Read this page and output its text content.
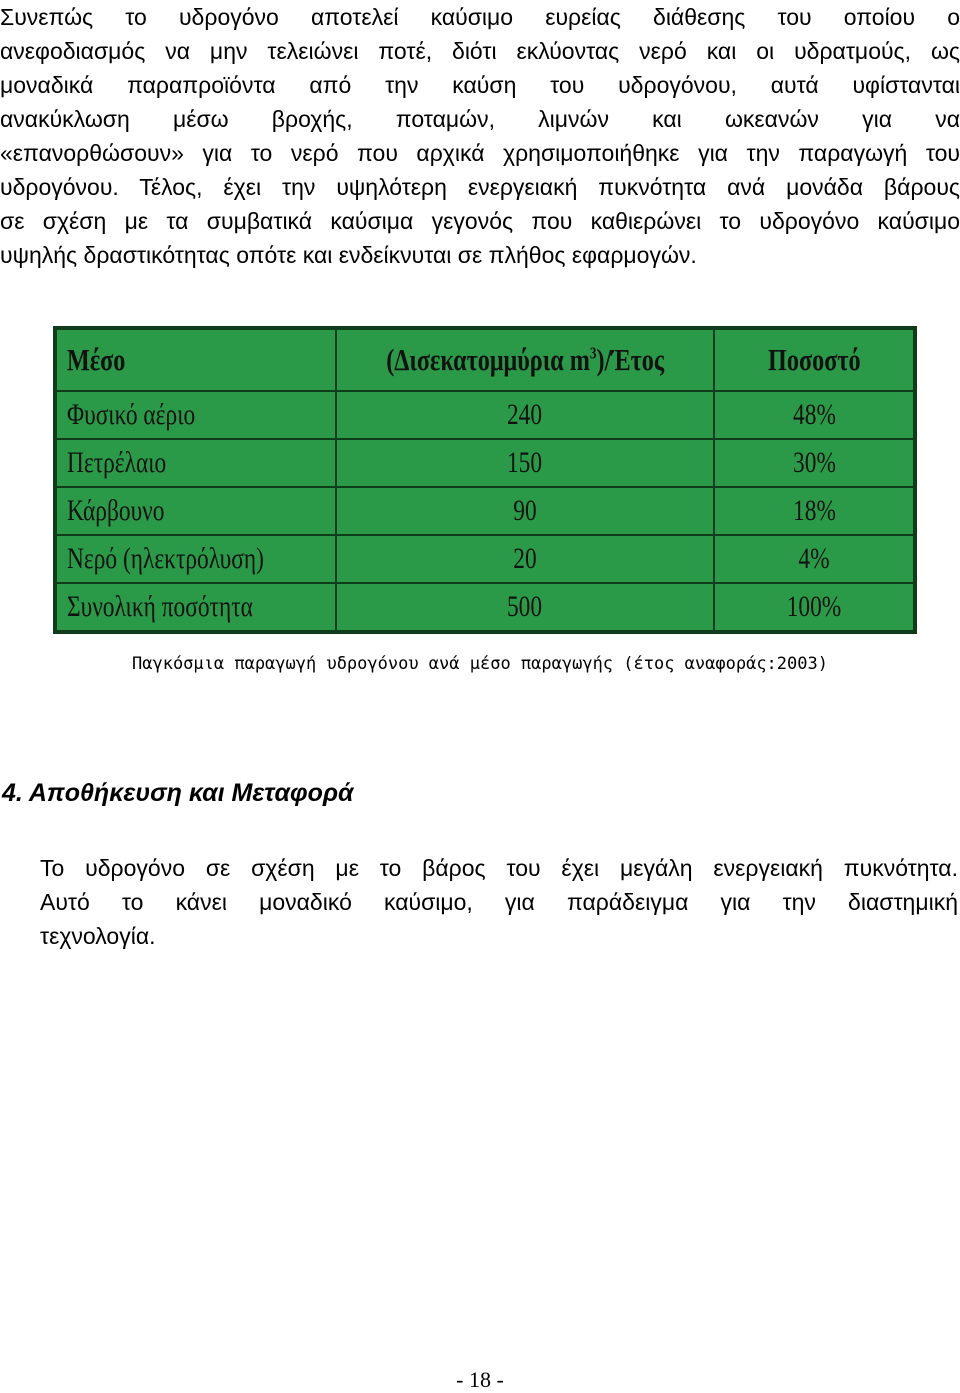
Συνεπώς το υδρογόνο αποτελεί καύσιμο ευρείας διάθεσης του οποίου ο
ανεφοδιασμός να μην τελειώνει ποτέ, διότι εκλύοντας νερό και οι υδρατμούς, ως
μοναδικά παραπροϊόντα από την καύση του υδρογόνου, αυτά υφίστανται
ανακύκλωση μέσω βροχής, ποταμών, λιμνών και ωκεανών για να
«επανορθώσουν» για το νερό που αρχικά χρησιμοποιήθηκε για την παραγωγή του
υδρογόνου. Τέλος, έχει την υψηλότερη ενεργειακή πυκνότητα ανά μονάδα βάρους
σε σχέση με τα συμβατικά καύσιμα γεγονός που καθιερώνει το υδρογόνο καύσιμο
υψηλής δραστικότητας οπότε και ενδείκνυται σε πλήθος εφαρμογών.

Μέσο	(Δισεκατομμύρια $m^3$)/Έτος	Ποσοστό
Φυσικό αέριο	240	48%
Πετρέλαιο	150	30%
Κάρβουνο	90	18%
Νερό (ηλεκτρόλυση)	20	4%
Συνολική ποσότητα	500	100%
Παγκόσμια παραγωγή υδρογόνου ανά μέσο παραγωγής (έτος αναφοράς:2003)
4. Αποθήκευση και Μεταφορά

Το υδρογόνο σε σχέση με το βάρος του έχει μεγάλη ενεργειακή πυκνότητα.
Αυτό το κάνει μοναδικό καύσιμο, για παράδειγμα για την διαστημική
τεχνολογία.

- 18 -
